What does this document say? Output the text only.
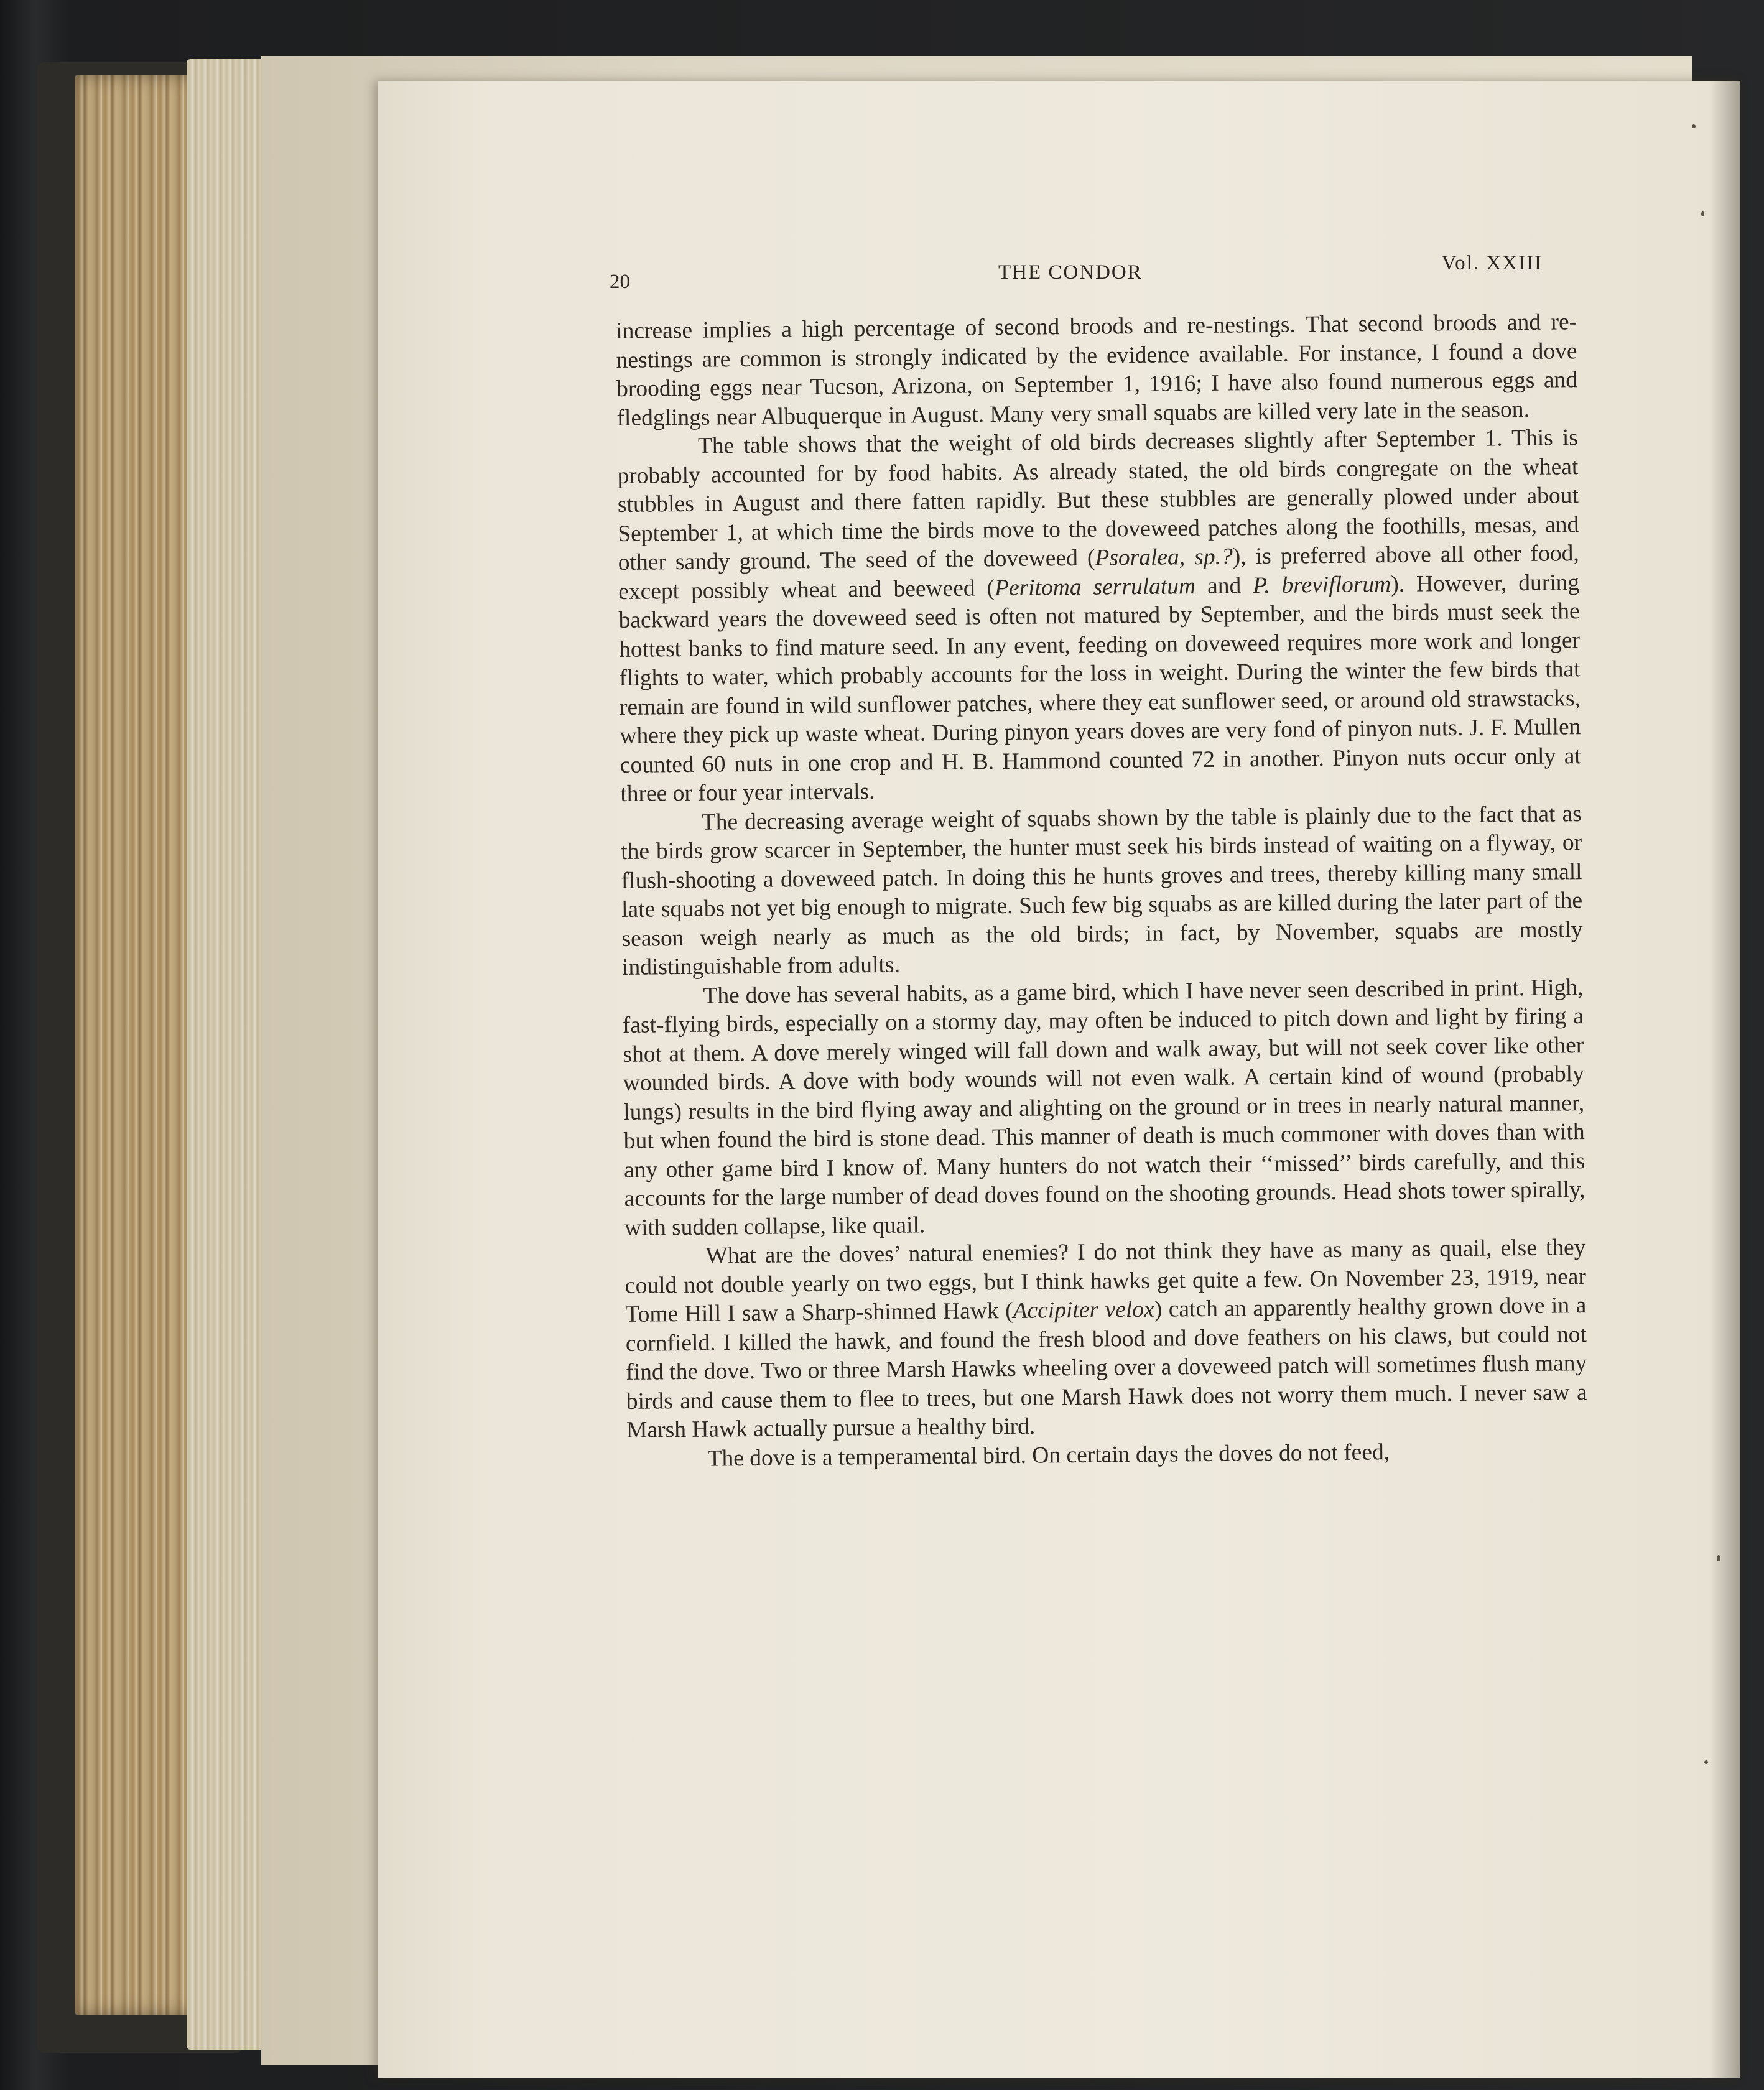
20	THE CONDOR	Vol. XXIII

increase implies a high percentage of second broods and re-nestings. That second broods and re-nestings are common is strongly indicated by the evidence available. For instance, I found a dove brooding eggs near Tucson, Arizona, on September 1, 1916; I have also found numerous eggs and fledglings near Albuquerque in August. Many very small squabs are killed very late in the season.

The table shows that the weight of old birds decreases slightly after September 1. This is probably accounted for by food habits. As already stated, the old birds congregate on the wheat stubbles in August and there fatten rapidly. But these stubbles are generally plowed under about September 1, at which time the birds move to the doveweed patches along the foothills, mesas, and other sandy ground. The seed of the doveweed (Psoralea, sp.?), is preferred above all other food, except possibly wheat and beeweed (Peritoma serrulatum and P. breviflorum). However, during backward years the doveweed seed is often not matured by September, and the birds must seek the hottest banks to find mature seed. In any event, feeding on doveweed requires more work and longer flights to water, which probably accounts for the loss in weight. During the winter the few birds that remain are found in wild sunflower patches, where they eat sunflower seed, or around old strawstacks, where they pick up waste wheat. During pinyon years doves are very fond of pinyon nuts. J. F. Mullen counted 60 nuts in one crop and H. B. Hammond counted 72 in another. Pinyon nuts occur only at three or four year intervals.

The decreasing average weight of squabs shown by the table is plainly due to the fact that as the birds grow scarcer in September, the hunter must seek his birds instead of waiting on a flyway, or flush-shooting a doveweed patch. In doing this he hunts groves and trees, thereby killing many small late squabs not yet big enough to migrate. Such few big squabs as are killed during the later part of the season weigh nearly as much as the old birds; in fact, by November, squabs are mostly indistinguishable from adults.

The dove has several habits, as a game bird, which I have never seen described in print. High, fast-flying birds, especially on a stormy day, may often be induced to pitch down and light by firing a shot at them. A dove merely winged will fall down and walk away, but will not seek cover like other wounded birds. A dove with body wounds will not even walk. A certain kind of wound (probably lungs) results in the bird flying away and alighting on the ground or in trees in nearly natural manner, but when found the bird is stone dead. This manner of death is much commoner with doves than with any other game bird I know of. Many hunters do not watch their ‘‘missed’’ birds carefully, and this accounts for the large number of dead doves found on the shooting grounds. Head shots tower spirally, with sudden collapse, like quail.

What are the doves’ natural enemies? I do not think they have as many as quail, else they could not double yearly on two eggs, but I think hawks get quite a few. On November 23, 1919, near Tome Hill I saw a Sharp-shinned Hawk (Accipiter velox) catch an apparently healthy grown dove in a cornfield. I killed the hawk, and found the fresh blood and dove feathers on his claws, but could not find the dove. Two or three Marsh Hawks wheeling over a doveweed patch will sometimes flush many birds and cause them to flee to trees, but one Marsh Hawk does not worry them much. I never saw a Marsh Hawk actually pursue a healthy bird.

The dove is a temperamental bird. On certain days the doves do not feed,
